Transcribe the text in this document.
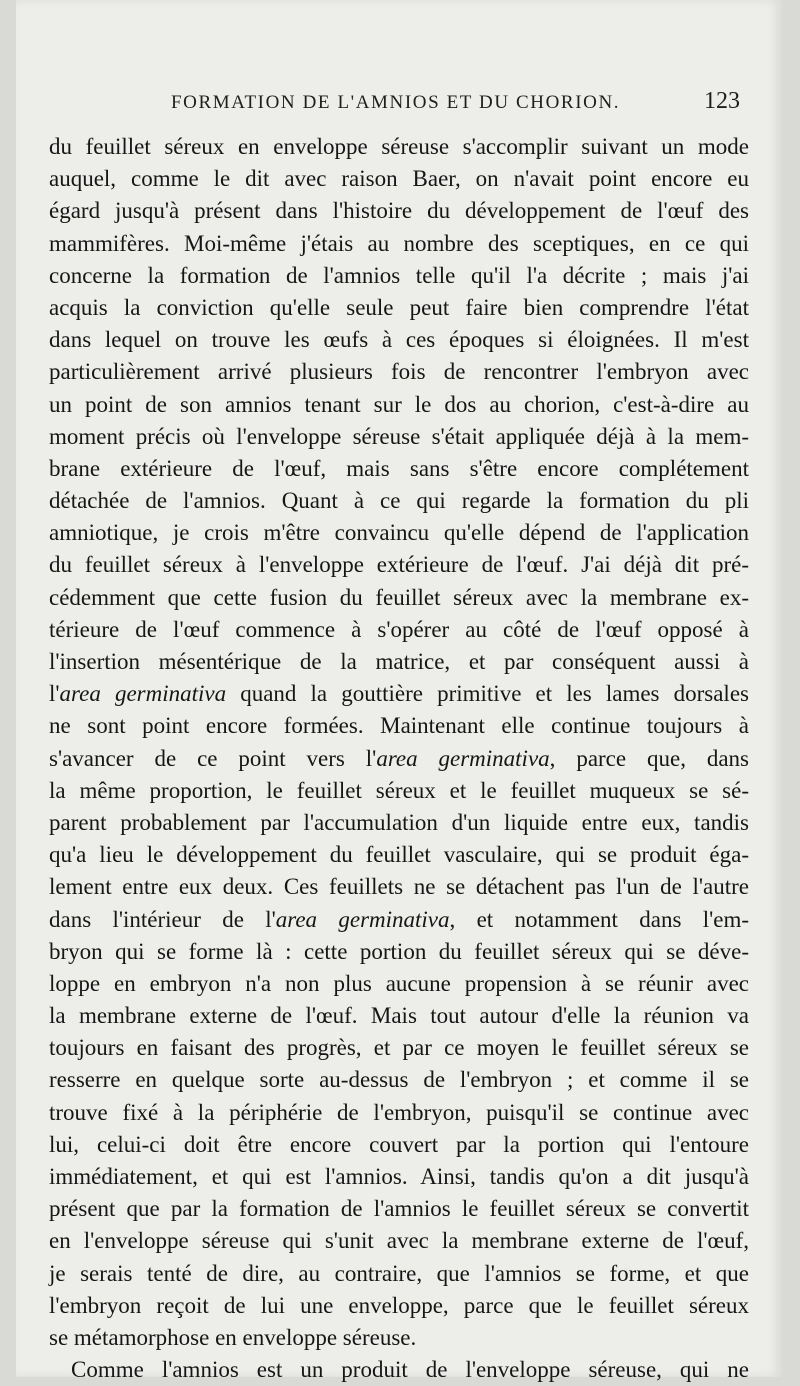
FORMATION DE L'AMNIOS ET DU CHORION.	123
du feuillet séreux en enveloppe séreuse s'accomplir suivant un mode
auquel, comme le dit avec raison Baer, on n'avait point encore eu
égard jusqu'à présent dans l'histoire du développement de l'œuf des
mammifères. Moi-même j'étais au nombre des sceptiques, en ce qui
concerne la formation de l'amnios telle qu'il l'a décrite ; mais j'ai
acquis la conviction qu'elle seule peut faire bien comprendre l'état
dans lequel on trouve les œufs à ces époques si éloignées. Il m'est
particulièrement arrivé plusieurs fois de rencontrer l'embryon avec
un point de son amnios tenant sur le dos au chorion, c'est-à-dire au
moment précis où l'enveloppe séreuse s'était appliquée déjà à la mem-
brane extérieure de l'œuf, mais sans s'être encore complétement
détachée de l'amnios. Quant à ce qui regarde la formation du pli
amniotique, je crois m'être convaincu qu'elle dépend de l'application
du feuillet séreux à l'enveloppe extérieure de l'œuf. J'ai déjà dit pré-
cédemment que cette fusion du feuillet séreux avec la membrane ex-
térieure de l'œuf commence à s'opérer au côté de l'œuf opposé à
l'insertion mésentérique de la matrice, et par conséquent aussi à
l'area germinativa quand la gouttière primitive et les lames dorsales
ne sont point encore formées. Maintenant elle continue toujours à
s'avancer de ce point vers l'area germinativa, parce que, dans
la même proportion, le feuillet séreux et le feuillet muqueux se sé-
parent probablement par l'accumulation d'un liquide entre eux, tandis
qu'a lieu le développement du feuillet vasculaire, qui se produit éga-
lement entre eux deux. Ces feuillets ne se détachent pas l'un de l'autre
dans l'intérieur de l'area germinativa, et notamment dans l'em-
bryon qui se forme là : cette portion du feuillet séreux qui se déve-
loppe en embryon n'a non plus aucune propension à se réunir avec
la membrane externe de l'œuf. Mais tout autour d'elle la réunion va
toujours en faisant des progrès, et par ce moyen le feuillet séreux se
resserre en quelque sorte au-dessus de l'embryon ; et comme il se
trouve fixé à la périphérie de l'embryon, puisqu'il se continue avec
lui, celui-ci doit être encore couvert par la portion qui l'entoure
immédiatement, et qui est l'amnios. Ainsi, tandis qu'on a dit jusqu'à
présent que par la formation de l'amnios le feuillet séreux se convertit
en l'enveloppe séreuse qui s'unit avec la membrane externe de l'œuf,
je serais tenté de dire, au contraire, que l'amnios se forme, et que
l'embryon reçoit de lui une enveloppe, parce que le feuillet séreux
se métamorphose en enveloppe séreuse.
Comme l'amnios est un produit de l'enveloppe séreuse, qui ne
